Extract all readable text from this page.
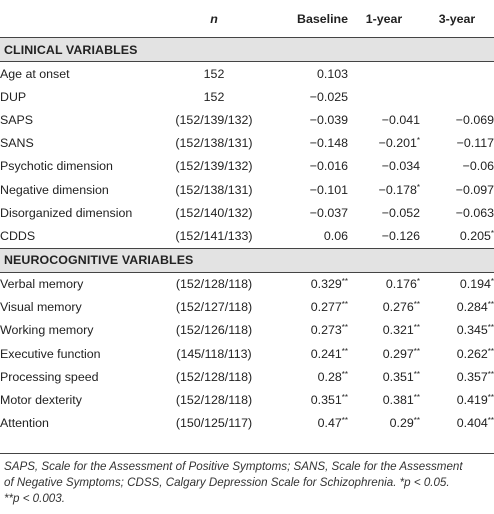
	n	Baseline	1-year	3-year
CLINICAL VARIABLES				
Age at onset	152	0.103		
DUP	152	−0.025		
SAPS	(152/139/132)	−0.039	−0.041	−0.069
SANS	(152/138/131)	−0.148	−0.201*	−0.117
Psychotic dimension	(152/139/132)	−0.016	−0.034	−0.06
Negative dimension	(152/138/131)	−0.101	−0.178*	−0.097
Disorganized dimension	(152/140/132)	−0.037	−0.052	−0.063
CDDS	(152/141/133)	0.06	−0.126	0.205*
NEUROCOGNITIVE VARIABLES				
Verbal memory	(152/128/118)	0.329**	0.176*	0.194*
Visual memory	(152/127/118)	0.277**	0.276**	0.284**
Working memory	(152/126/118)	0.273**	0.321**	0.345**
Executive function	(145/118/113)	0.241**	0.297**	0.262**
Processing speed	(152/128/118)	0.28**	0.351**	0.357**
Motor dexterity	(152/128/118)	0.351**	0.381**	0.419**
Attention	(150/125/117)	0.47**	0.29**	0.404**
SAPS, Scale for the Assessment of Positive Symptoms; SANS, Scale for the Assessment
of Negative Symptoms; CDSS, Calgary Depression Scale for Schizophrenia. *p < 0.05.
**p < 0.003.
